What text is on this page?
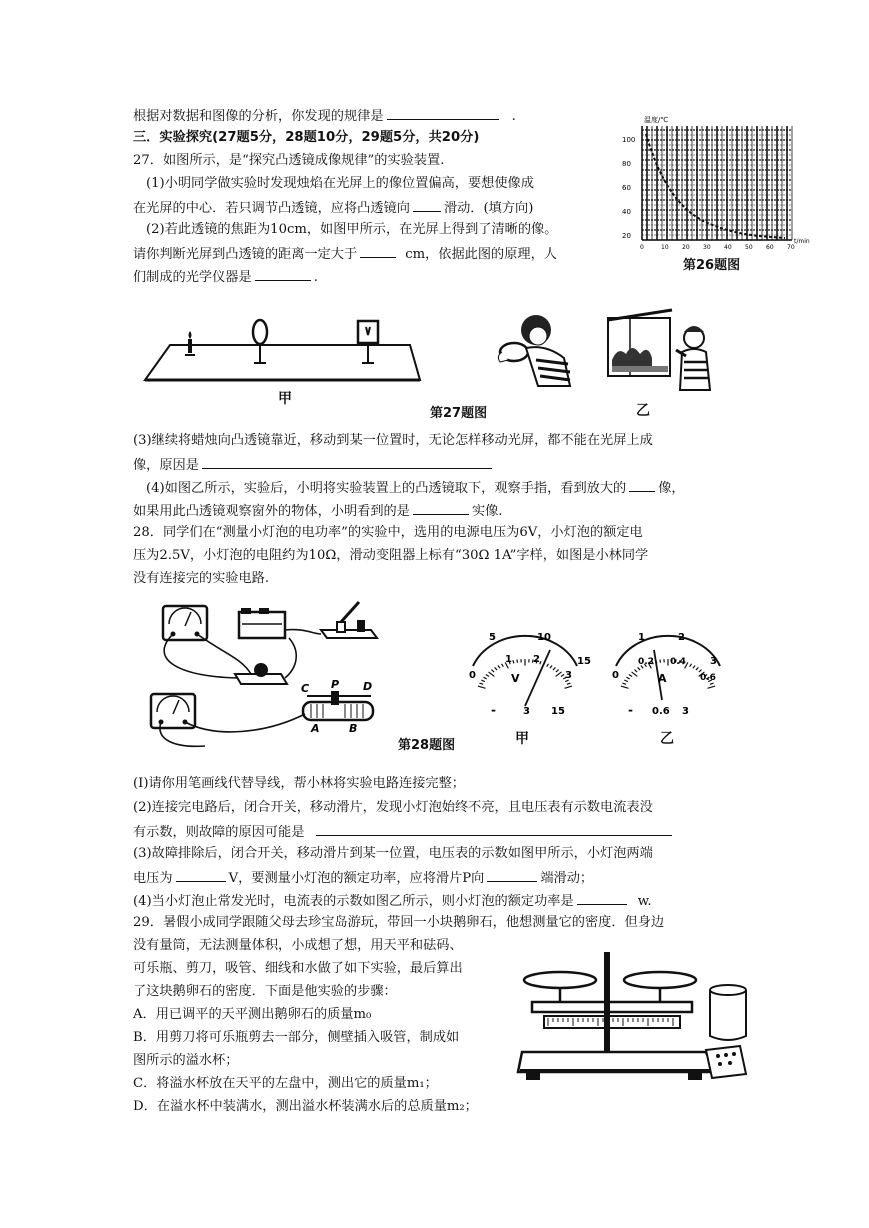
根据对数据和图像的分析，你发现的规律是	.
三．实验探究(27题5分，28题10分，29题5分，共20分)
27．如图所示，是“探究凸透镜成像规律”的实验装置.
(1)小明同学做实验时发现烛焰在光屏上的像位置偏高，要想使像成
在光屏的中心．若只调节凸透镜，应将凸透镜向	滑动．(填方向)
(2)若此透镜的焦距为10cm，如图甲所示，在光屏上得到了清晰的像。
请你判断光屏到凸透镜的距离一定大于	cm，依据此图的原理，人
们制成的光学仪器是	.
(3)继续将蜡烛向凸透镜靠近，移动到某一位置时，无论怎样移动光屏，都不能在光屏上成
像，原因是
(4)如图乙所示，实验后，小明将实验装置上的凸透镜取下，观察手指，看到放大的 像，
如果用此凸透镜观察窗外的物体，小明看到的是	实像.
28．同学们在“测量小灯泡的电功率”的实验中，选用的电源电压为6V，小灯泡的额定电
压为2.5V，小灯泡的电阻约为10Ω，滑动变阻器上标有“30Ω 1A”字样，如图是小林同学
没有连接完的实验电路.
(I)请你用笔画线代替导线，帮小林将实验电路连接完整；
(2)连接完电路后，闭合开关，移动滑片，发现小灯泡始终不亮，且电压表有示数电流表没
有示数，则故障的原因可能是
(3)故障排除后，闭合开关，移动滑片到某一位置，电压表的示数如图甲所示，小灯泡两端
电压为	V，要测量小灯泡的额定功率，应将滑片P向	端滑动；
(4)当小灯泡止常发光时，电流表的示数如图乙所示，则小灯泡的额定功率是	w.
29．暑假小成同学跟随父母去珍宝岛游玩，带回一小块鹅卵石，他想测量它的密度．但身边
没有量筒，无法测量体积，小成想了想，用天平和砝码、
可乐瓶、剪刀，吸管、细线和水做了如下实验，最后算出
了这块鹅卵石的密度．下面是他实验的步骤：
A．用已调平的天平测出鹅卵石的质量m₀
B．用剪刀将可乐瓶剪去一部分，侧壁插入吸管，制成如
图所示的溢水杯；
C．将溢水杯放在天平的左盘中，测出它的质量m₁；
D．在溢水杯中装满水，测出溢水杯装满水后的总质量m₂；
温度/℃
100
80
60
40
20
0	10 20 30 40 50 60 70
t/min
第26题图
甲
第27题图	乙
C P D
A	B
5	10
15
0
1 2
3
V
-	3 15
1	2
3
0
0.2 0.4
0.6
A
- 0.6 3
第28题图	甲	乙
